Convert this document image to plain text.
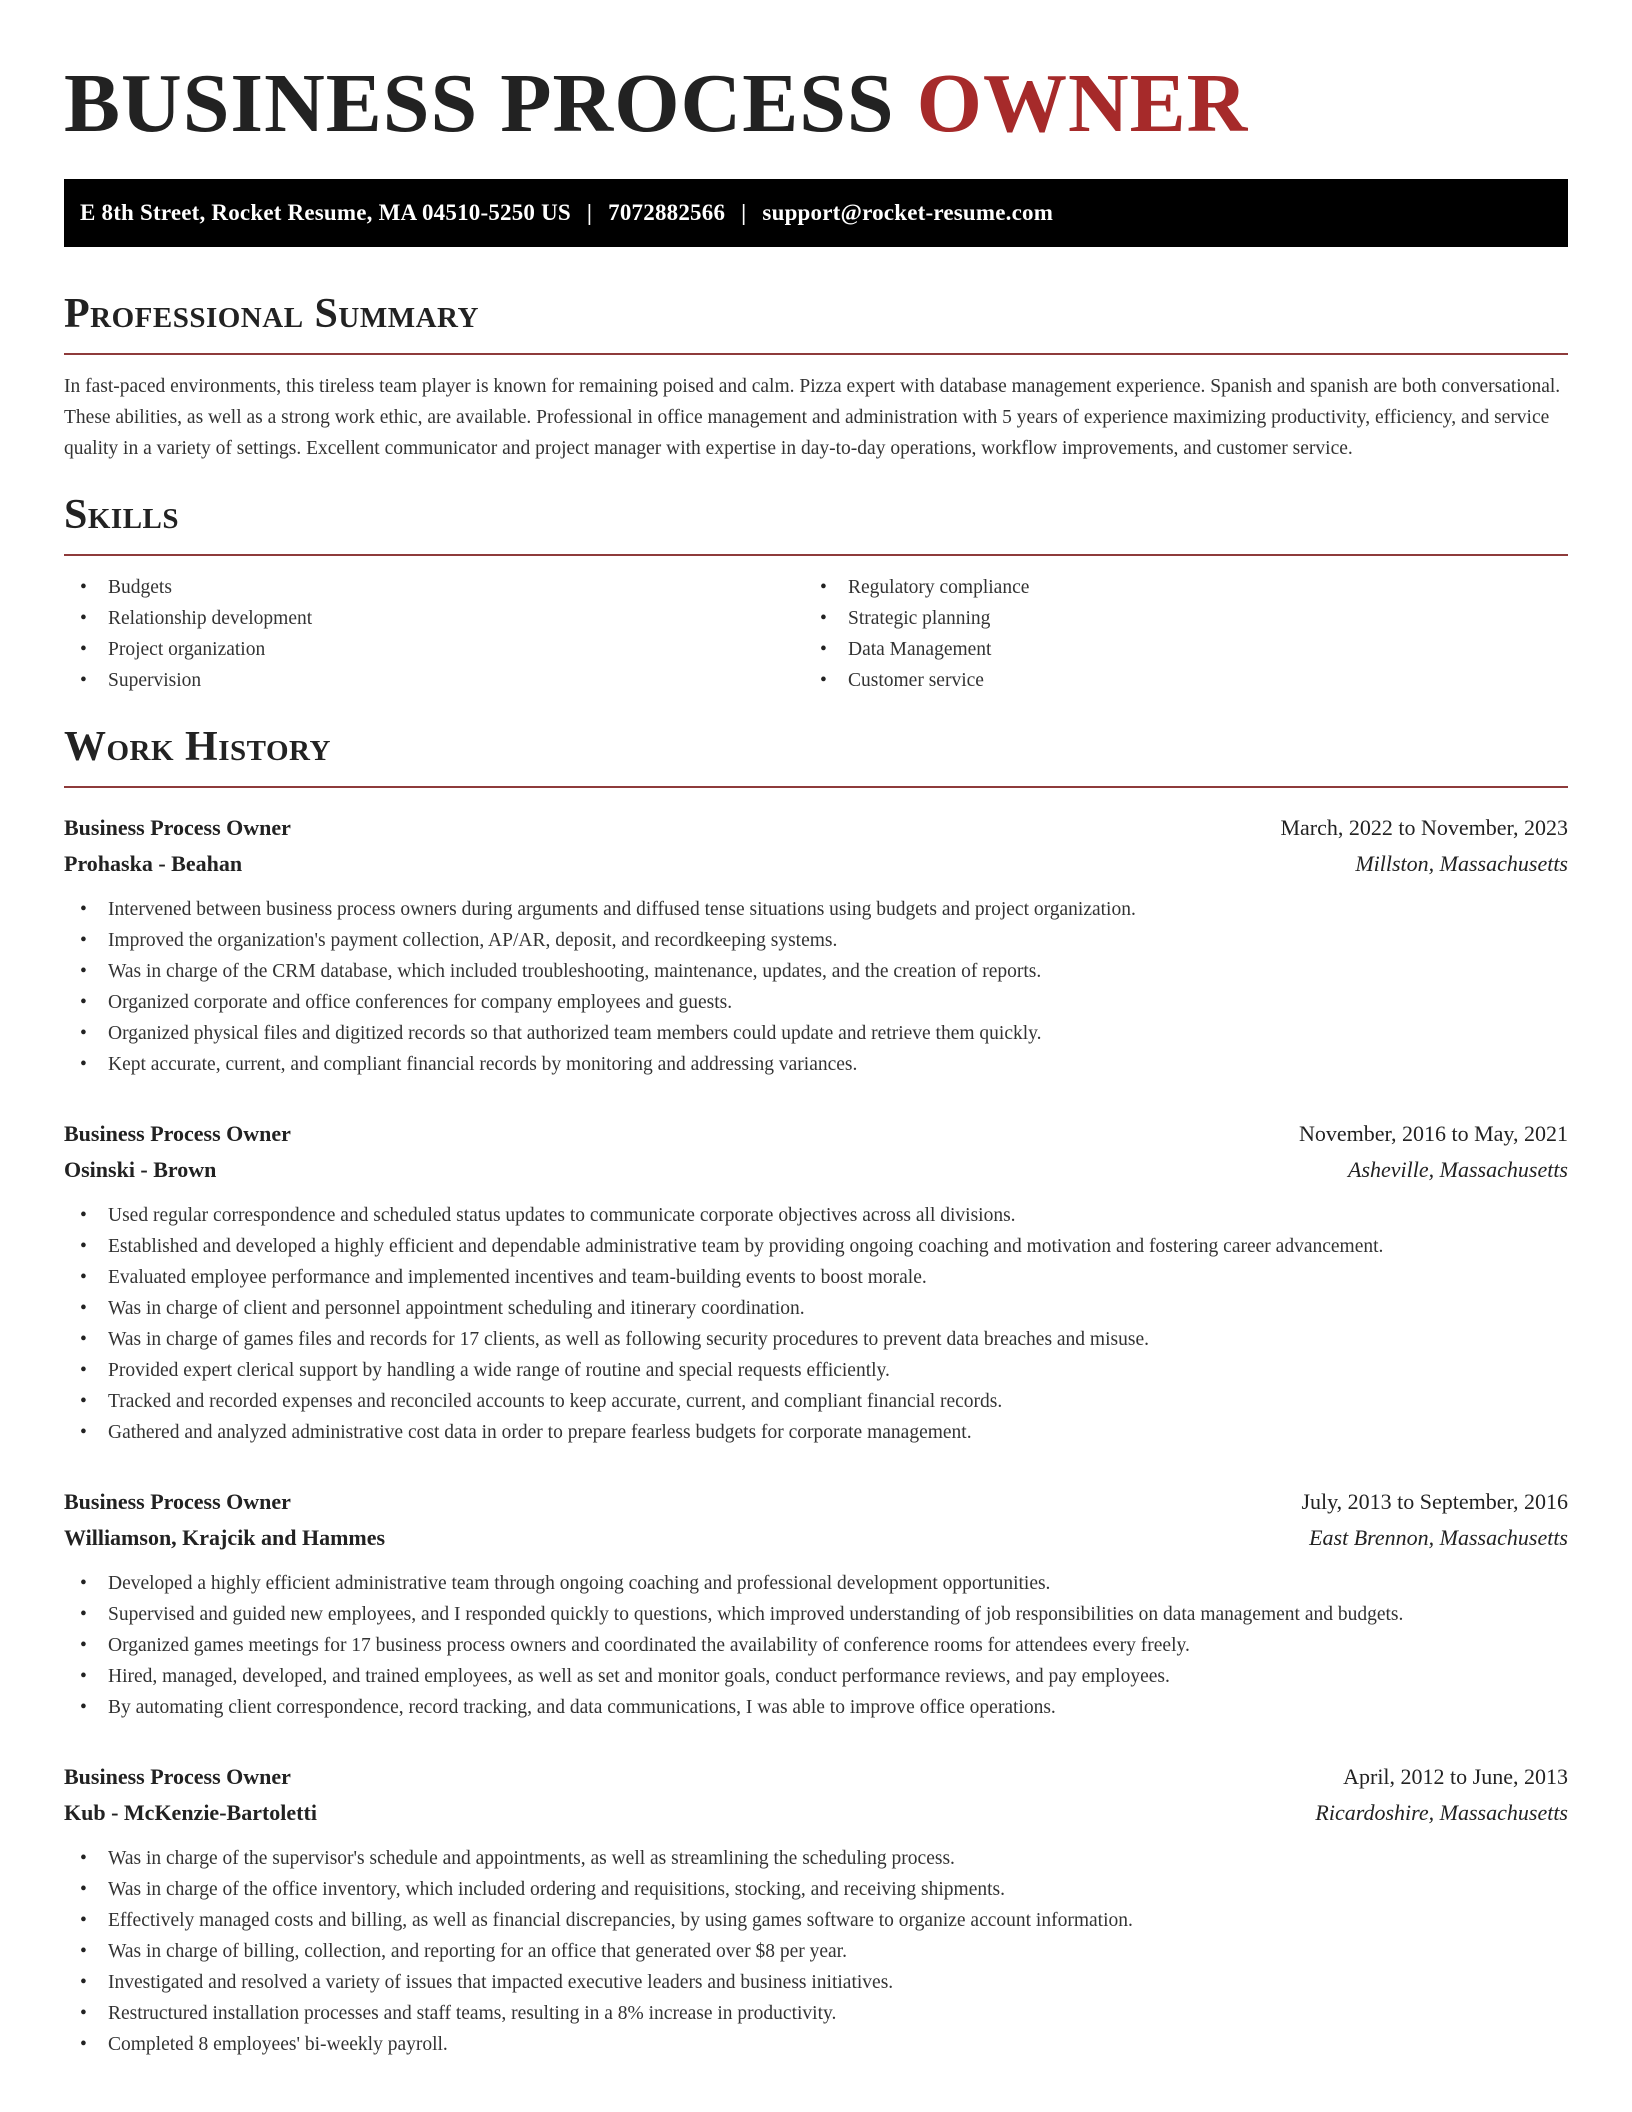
BUSINESS PROCESS OWNER
E 8th Street, Rocket Resume, MA 04510-5250 US | 7072882566 | support@rocket-resume.com
Professional Summary

In fast-paced environments, this tireless team player is known for remaining poised and calm. Pizza expert with database management experience. Spanish and spanish are both conversational. These abilities, as well as a strong work ethic, are available. Professional in office management and administration with 5 years of experience maximizing productivity, efficiency, and service quality in a variety of settings. Excellent communicator and project manager with expertise in day-to-day operations, workflow improvements, and customer service.

Skills
• Budgets
• Relationship development
• Project organization
• Supervision
• Regulatory compliance
• Strategic planning
• Data Management
• Customer service
Work History
Business Process Owner	March, 2022 to November, 2023
Prohaska - Beahan	Millston, Massachusetts
• Intervened between business process owners during arguments and diffused tense situations using budgets and project organization.
• Improved the organization's payment collection, AP/AR, deposit, and recordkeeping systems.
• Was in charge of the CRM database, which included troubleshooting, maintenance, updates, and the creation of reports.
• Organized corporate and office conferences for company employees and guests.
• Organized physical files and digitized records so that authorized team members could update and retrieve them quickly.
• Kept accurate, current, and compliant financial records by monitoring and addressing variances.
Business Process Owner	November, 2016 to May, 2021
Osinski - Brown	Asheville, Massachusetts
• Used regular correspondence and scheduled status updates to communicate corporate objectives across all divisions.
• Established and developed a highly efficient and dependable administrative team by providing ongoing coaching and motivation and fostering career advancement.
• Evaluated employee performance and implemented incentives and team-building events to boost morale.
• Was in charge of client and personnel appointment scheduling and itinerary coordination.
• Was in charge of games files and records for 17 clients, as well as following security procedures to prevent data breaches and misuse.
• Provided expert clerical support by handling a wide range of routine and special requests efficiently.
• Tracked and recorded expenses and reconciled accounts to keep accurate, current, and compliant financial records.
• Gathered and analyzed administrative cost data in order to prepare fearless budgets for corporate management.
Business Process Owner	July, 2013 to September, 2016
Williamson, Krajcik and Hammes	East Brennon, Massachusetts
• Developed a highly efficient administrative team through ongoing coaching and professional development opportunities.
• Supervised and guided new employees, and I responded quickly to questions, which improved understanding of job responsibilities on data management and budgets.
• Organized games meetings for 17 business process owners and coordinated the availability of conference rooms for attendees every freely.
• Hired, managed, developed, and trained employees, as well as set and monitor goals, conduct performance reviews, and pay employees.
• By automating client correspondence, record tracking, and data communications, I was able to improve office operations.
Business Process Owner	April, 2012 to June, 2013
Kub - McKenzie-Bartoletti	Ricardoshire, Massachusetts
• Was in charge of the supervisor's schedule and appointments, as well as streamlining the scheduling process.
• Was in charge of the office inventory, which included ordering and requisitions, stocking, and receiving shipments.
• Effectively managed costs and billing, as well as financial discrepancies, by using games software to organize account information.
• Was in charge of billing, collection, and reporting for an office that generated over $8 per year.
• Investigated and resolved a variety of issues that impacted executive leaders and business initiatives.
• Restructured installation processes and staff teams, resulting in a 8% increase in productivity.
• Completed 8 employees' bi-weekly payroll.
